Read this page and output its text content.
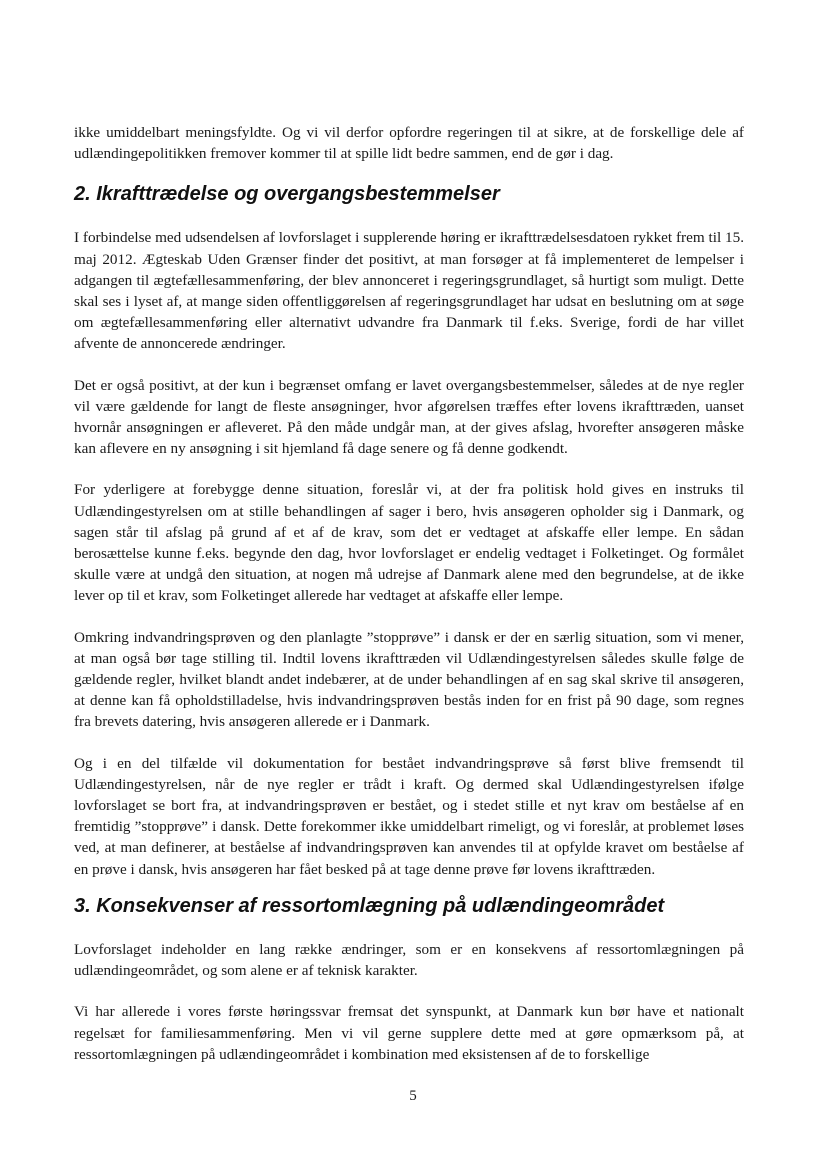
ikke umiddelbart meningsfyldte. Og vi vil derfor opfordre regeringen til at sikre, at de forskellige dele af udlændingepolitikken fremover kommer til at spille lidt bedre sammen, end de gør i dag.

2. Ikrafttrædelse og overgangsbestemmelser

I forbindelse med udsendelsen af lovforslaget i supplerende høring er ikrafttrædelsesdatoen rykket frem til 15. maj 2012. Ægteskab Uden Grænser finder det positivt, at man forsøger at få implementeret de lempelser i adgangen til ægtefællesammenføring, der blev annonceret i regeringsgrundlaget, så hurtigt som muligt. Dette skal ses i lyset af, at mange siden offentliggørelsen af regeringsgrundlaget har udsat en beslutning om at søge om ægtefællesammenføring eller alternativt udvandre fra Danmark til f.eks. Sverige, fordi de har villet afvente de annoncerede ændringer.

Det er også positivt, at der kun i begrænset omfang er lavet overgangsbestemmelser, således at de nye regler vil være gældende for langt de fleste ansøgninger, hvor afgørelsen træffes efter lovens ikrafttræden, uanset hvornår ansøgningen er afleveret. På den måde undgår man, at der gives afslag, hvorefter ansøgeren måske kan aflevere en ny ansøgning i sit hjemland få dage senere og få denne godkendt.

For yderligere at forebygge denne situation, foreslår vi, at der fra politisk hold gives en instruks til Udlændingestyrelsen om at stille behandlingen af sager i bero, hvis ansøgeren opholder sig i Danmark, og sagen står til afslag på grund af et af de krav, som det er vedtaget at afskaffe eller lempe. En sådan berosættelse kunne f.eks. begynde den dag, hvor lovforslaget er endelig vedtaget i Folketinget. Og formålet skulle være at undgå den situation, at nogen må udrejse af Danmark alene med den begrundelse, at de ikke lever op til et krav, som Folketinget allerede har vedtaget at afskaffe eller lempe.

Omkring indvandringsprøven og den planlagte ”stopprøve” i dansk er der en særlig situation, som vi mener, at man også bør tage stilling til. Indtil lovens ikrafttræden vil Udlændingestyrelsen således skulle følge de gældende regler, hvilket blandt andet indebærer, at de under behandlingen af en sag skal skrive til ansøgeren, at denne kan få opholdstilladelse, hvis indvandringsprøven bestås inden for en frist på 90 dage, som regnes fra brevets datering, hvis ansøgeren allerede er i Danmark.

Og i en del tilfælde vil dokumentation for bestået indvandringsprøve så først blive fremsendt til Udlændingestyrelsen, når de nye regler er trådt i kraft. Og dermed skal Udlændingestyrelsen ifølge lovforslaget se bort fra, at indvandringsprøven er bestået, og i stedet stille et nyt krav om beståelse af en fremtidig ”stopprøve” i dansk. Dette forekommer ikke umiddelbart rimeligt, og vi foreslår, at problemet løses ved, at man definerer, at beståelse af indvandringsprøven kan anvendes til at opfylde kravet om beståelse af en prøve i dansk, hvis ansøgeren har fået besked på at tage denne prøve før lovens ikrafttræden.

3. Konsekvenser af ressortomlægning på udlændingeområdet

Lovforslaget indeholder en lang række ændringer, som er en konsekvens af ressortomlægningen på udlændingeområdet, og som alene er af teknisk karakter.

Vi har allerede i vores første høringssvar fremsat det synspunkt, at Danmark kun bør have et nationalt regelsæt for familiesammenføring. Men vi vil gerne supplere dette med at gøre opmærksom på, at ressortomlægningen på udlændingeområdet i kombination med eksistensen af de to forskellige

5
